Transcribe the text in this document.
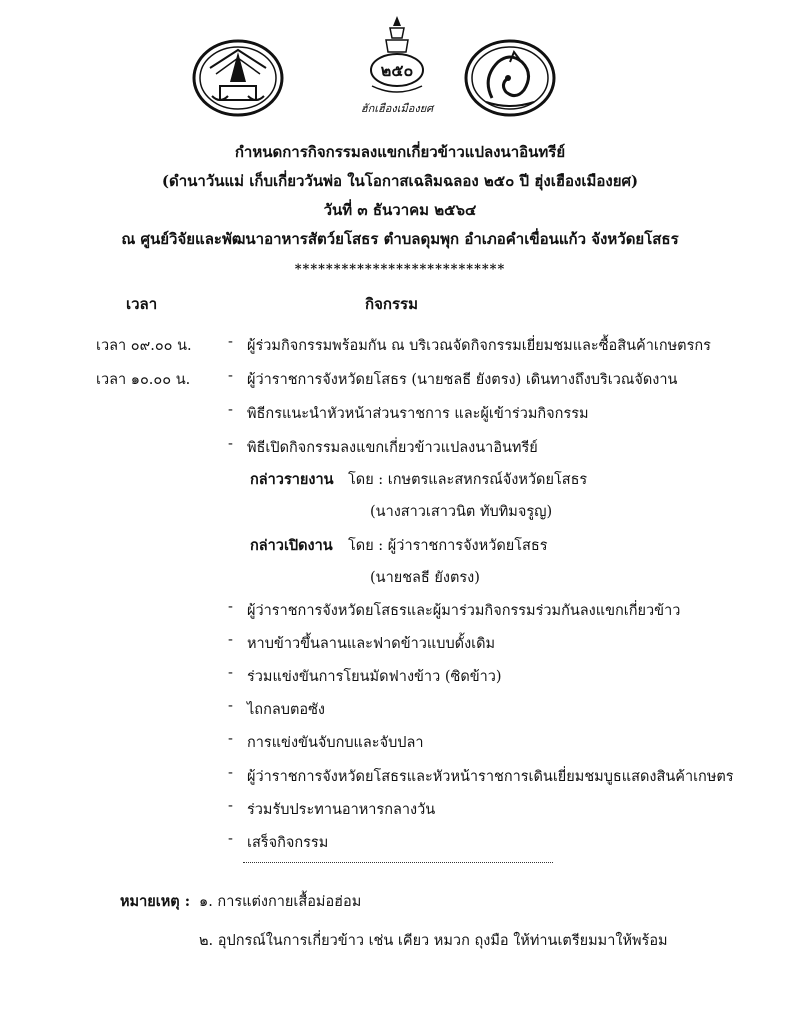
๒๕๐
ฮักเฮืองเมืองยศ
กำหนดการกิจกรรมลงแขกเกี่ยวข้าวแปลงนาอินทรีย์
(ดำนาวันแม่ เก็บเกี่ยววันพ่อ ในโอกาสเฉลิมฉลอง ๒๕๐ ปี ฮุ่งเฮืองเมืองยศ)
วันที่ ๓ ธันวาคม ๒๕๖๔
ณ ศูนย์วิจัยและพัฒนาอาหารสัตว์ยโสธร ตำบลดุมพุก อำเภอคำเขื่อนแก้ว จังหวัดยโสธร
***************************
เวลา	กิจกรรม
เวลา ๐๙.๐๐ น.	- ผู้ร่วมกิจกรรมพร้อมกัน ณ บริเวณจัดกิจกรรมเยี่ยมชมและซื้อสินค้าเกษตรกร
เวลา ๑๐.๐๐ น.	- ผู้ว่าราชการจังหวัดยโสธร (นายชลธี ยังตรง) เดินทางถึงบริเวณจัดงาน
- พิธีกรแนะนำหัวหน้าส่วนราชการ และผู้เข้าร่วมกิจกรรม
- พิธีเปิดกิจกรรมลงแขกเกี่ยวข้าวแปลงนาอินทรีย์
กล่าวรายงาน โดย : เกษตรและสหกรณ์จังหวัดยโสธร
(นางสาวเสาวนิต ทับทิมจรูญ)
กล่าวเปิดงาน โดย : ผู้ว่าราชการจังหวัดยโสธร
(นายชลธี ยังตรง)
- ผู้ว่าราชการจังหวัดยโสธรและผู้มาร่วมกิจกรรมร่วมกันลงแขกเกี่ยวข้าว
- หาบข้าวขึ้นลานและฟาดข้าวแบบดั้งเดิม
- ร่วมแข่งขันการโยนมัดฟางข้าว (ซิดข้าว)
- ไถกลบตอซัง
- การแข่งขันจับกบและจับปลา
- ผู้ว่าราชการจังหวัดยโสธรและหัวหน้าราชการเดินเยี่ยมชมบูธแสดงสินค้าเกษตร
- ร่วมรับประทานอาหารกลางวัน
- เสร็จกิจกรรม
หมายเหตุ : ๑. การแต่งกายเสื้อม่อฮ่อม
๒. อุปกรณ์ในการเกี่ยวข้าว เช่น เคียว หมวก ถุงมือ ให้ท่านเตรียมมาให้พร้อม
